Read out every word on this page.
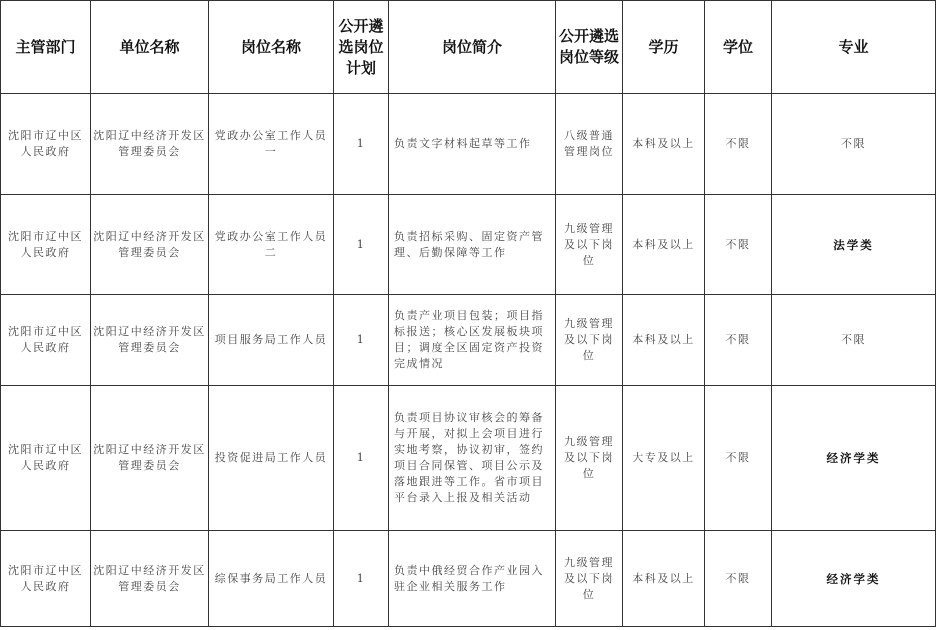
主管部门	单位名称	岗位名称	公开遴选岗位计划	岗位简介	公开遴选岗位等级	学历	学位	专业
沈阳市辽中区人民政府	沈阳辽中经济开发区管理委员会	党政办公室工作人员一	1	负责文字材料起草等工作	八级普通管理岗位	本科及以上	不限	不限
沈阳市辽中区人民政府	沈阳辽中经济开发区管理委员会	党政办公室工作人员二	1	负责招标采购、固定资产管理、后勤保障等工作	九级管理及以下岗位	本科及以上	不限	法学类
沈阳市辽中区人民政府	沈阳辽中经济开发区管理委员会	项目服务局工作人员	1	负责产业项目包装；项目指标报送；核心区发展板块项目；调度全区固定资产投资完成情况	九级管理及以下岗位	本科及以上	不限	不限
沈阳市辽中区人民政府	沈阳辽中经济开发区管理委员会	投资促进局工作人员	1	负责项目协议审核会的筹备与开展，对拟上会项目进行实地考察，协议初审，签约项目合同保管、项目公示及落地跟进等工作。省市项目平台录入上报及相关活动	九级管理及以下岗位	大专及以上	不限	经济学类
沈阳市辽中区人民政府	沈阳辽中经济开发区管理委员会	综保事务局工作人员	1	负责中俄经贸合作产业园入驻企业相关服务工作	九级管理及以下岗位	本科及以上	不限	经济学类
